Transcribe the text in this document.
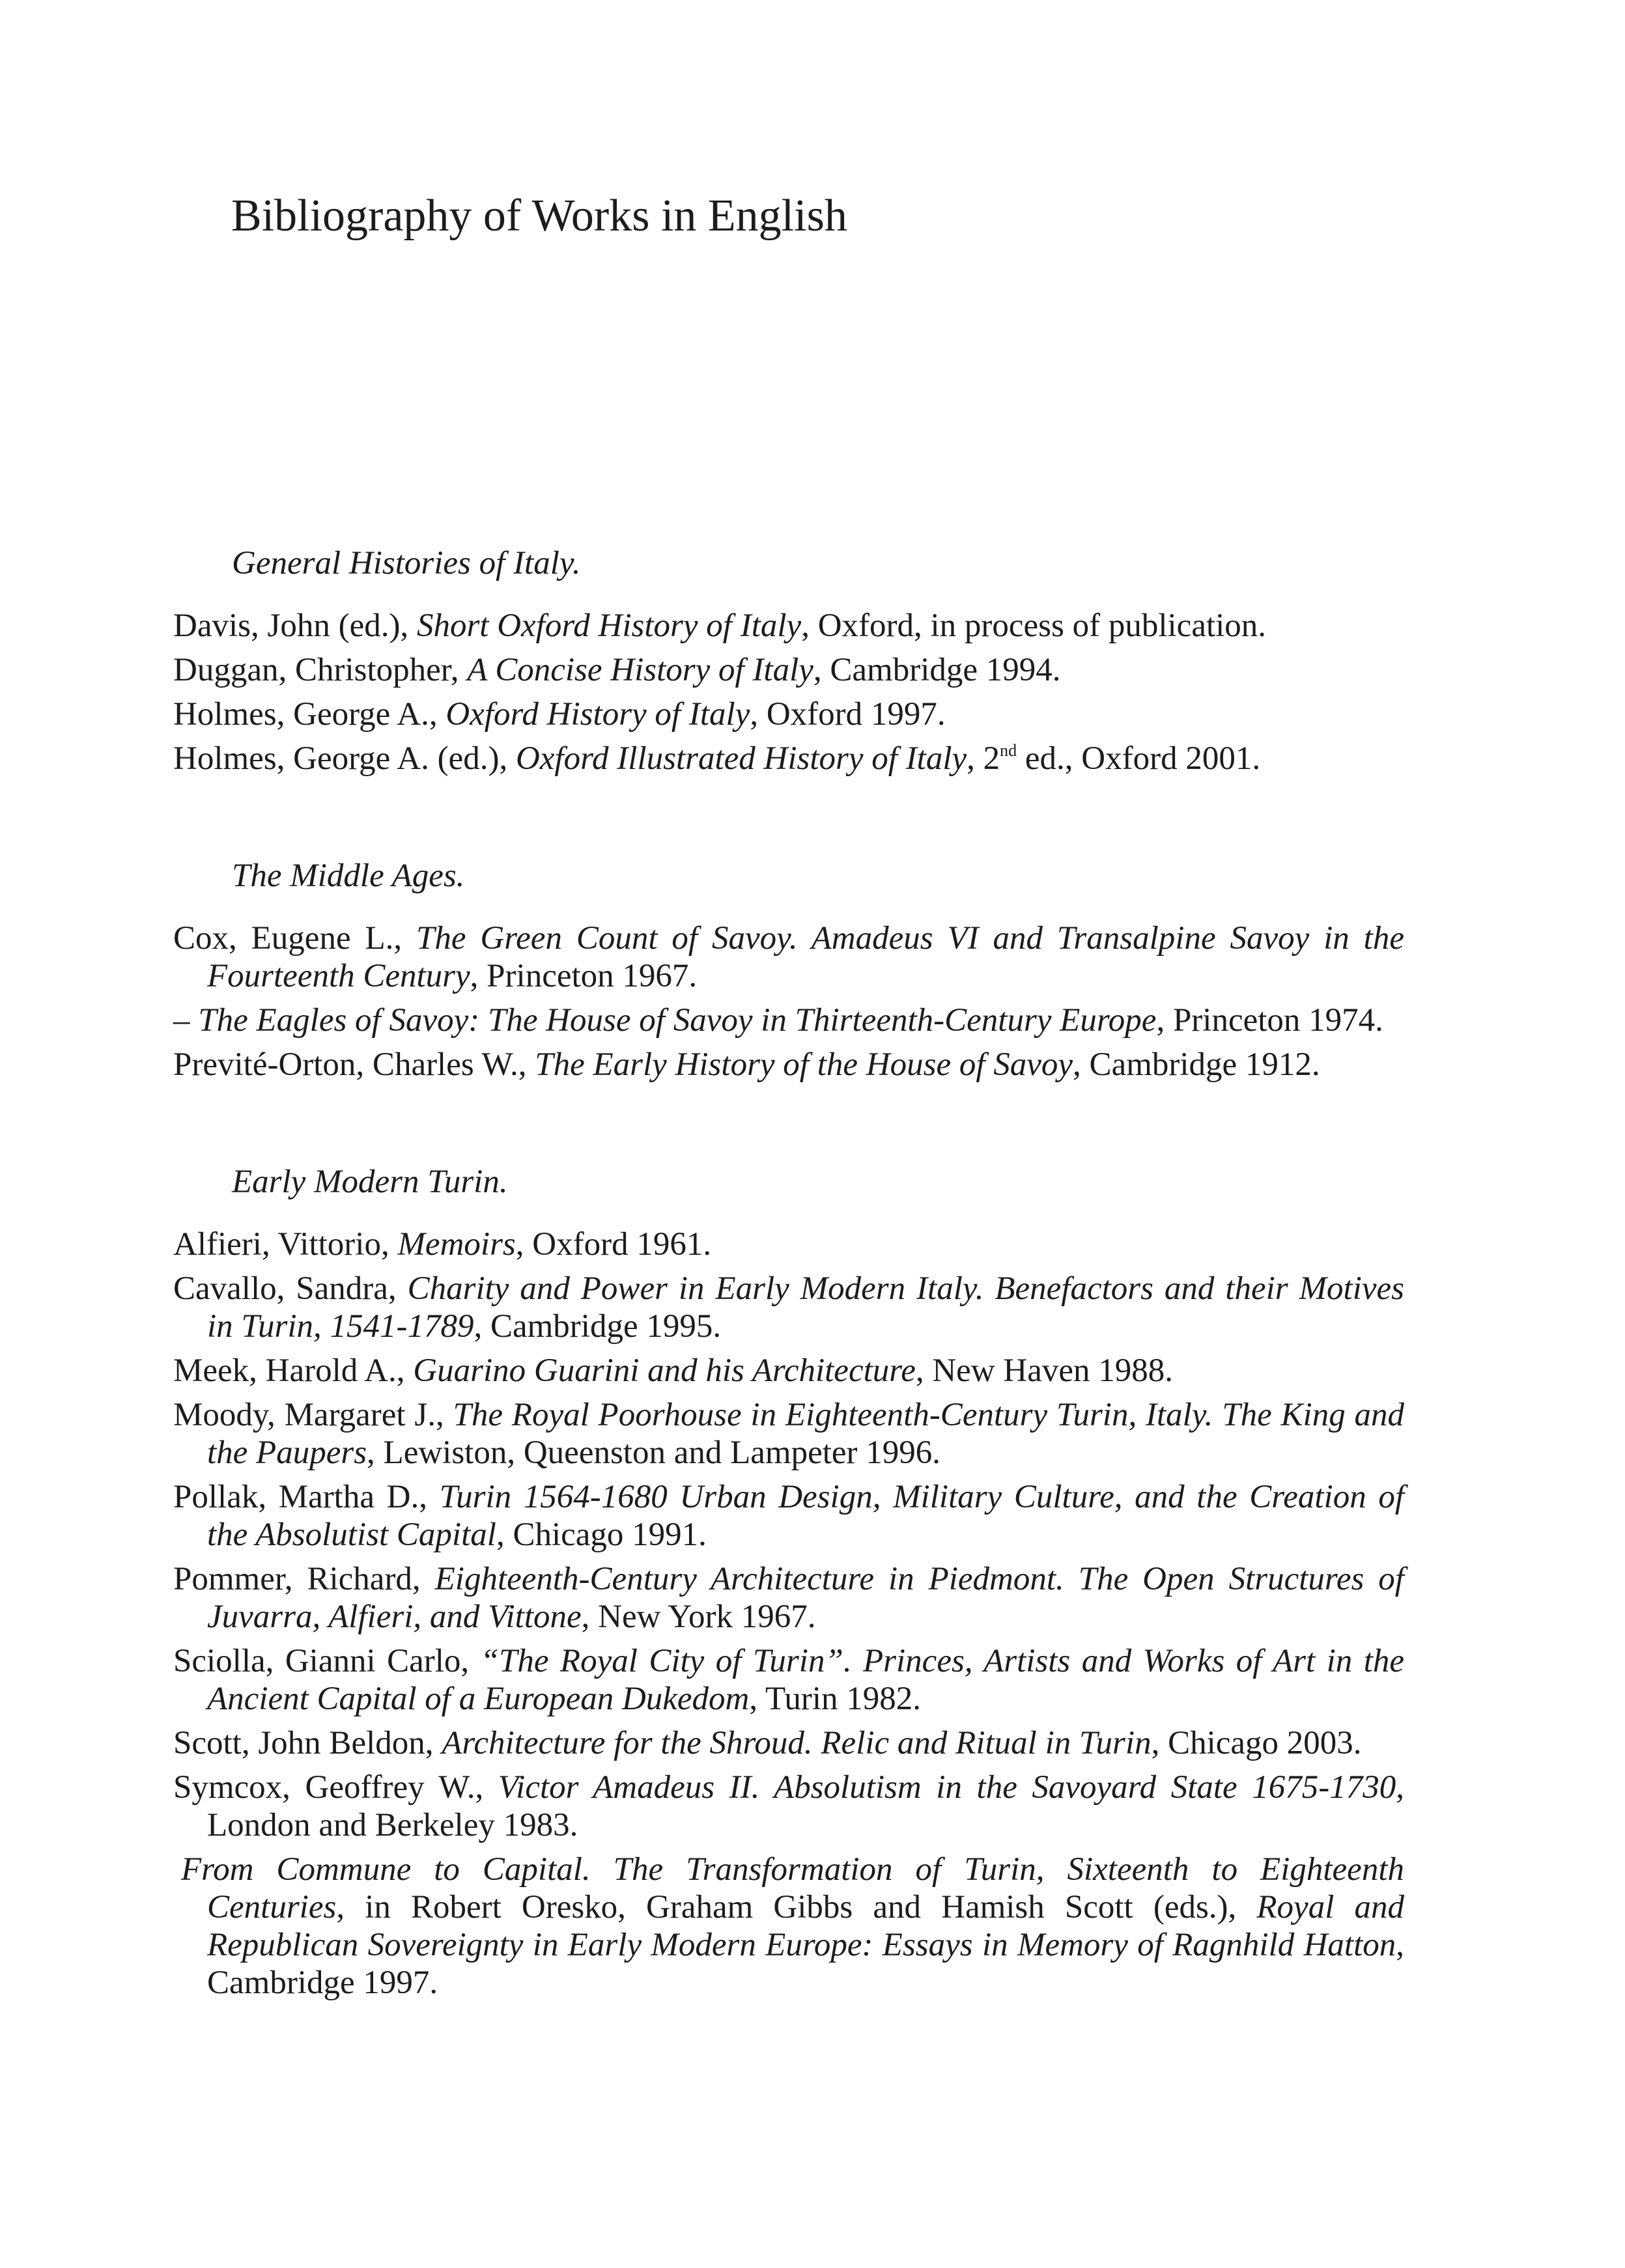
Bibliography of Works in English

General Histories of Italy.

Davis, John (ed.), Short Oxford History of Italy, Oxford, in process of publication.

Duggan, Christopher, A Concise History of Italy, Cambridge 1994.

Holmes, George A., Oxford History of Italy, Oxford 1997.

Holmes, George A. (ed.), Oxford Illustrated History of Italy, 2nd ed., Oxford 2001.

The Middle Ages.

Cox, Eugene L., The Green Count of Savoy. Amadeus VI and Transalpine Savoy in the Fourteenth Century, Princeton 1967.

– The Eagles of Savoy: The House of Savoy in Thirteenth-Century Europe, Princeton 1974.

Previté-Orton, Charles W., The Early History of the House of Savoy, Cambridge 1912.

Early Modern Turin.

Alfieri, Vittorio, Memoirs, Oxford 1961.

Cavallo, Sandra, Charity and Power in Early Modern Italy. Benefactors and their Motives in Turin, 1541-1789, Cambridge 1995.

Meek, Harold A., Guarino Guarini and his Architecture, New Haven 1988.

Moody, Margaret J., The Royal Poorhouse in Eighteenth-Century Turin, Italy. The King and the Paupers, Lewiston, Queenston and Lampeter 1996.

Pollak, Martha D., Turin 1564-1680 Urban Design, Military Culture, and the Creation of the Absolutist Capital, Chicago 1991.

Pommer, Richard, Eighteenth-Century Architecture in Piedmont. The Open Structures of Juvarra, Alfieri, and Vittone, New York 1967.

Sciolla, Gianni Carlo, “The Royal City of Turin”. Princes, Artists and Works of Art in the Ancient Capital of a European Dukedom, Turin 1982.

Scott, John Beldon, Architecture for the Shroud. Relic and Ritual in Turin, Chicago 2003.

Symcox, Geoffrey W., Victor Amadeus II. Absolutism in the Savoyard State 1675-1730, London and Berkeley 1983.

From Commune to Capital. The Transformation of Turin, Sixteenth to Eighteenth Centuries, in Robert Oresko, Graham Gibbs and Hamish Scott (eds.), Royal and Republican Sovereignty in Early Modern Europe: Essays in Memory of Ragnhild Hatton, Cambridge 1997.
